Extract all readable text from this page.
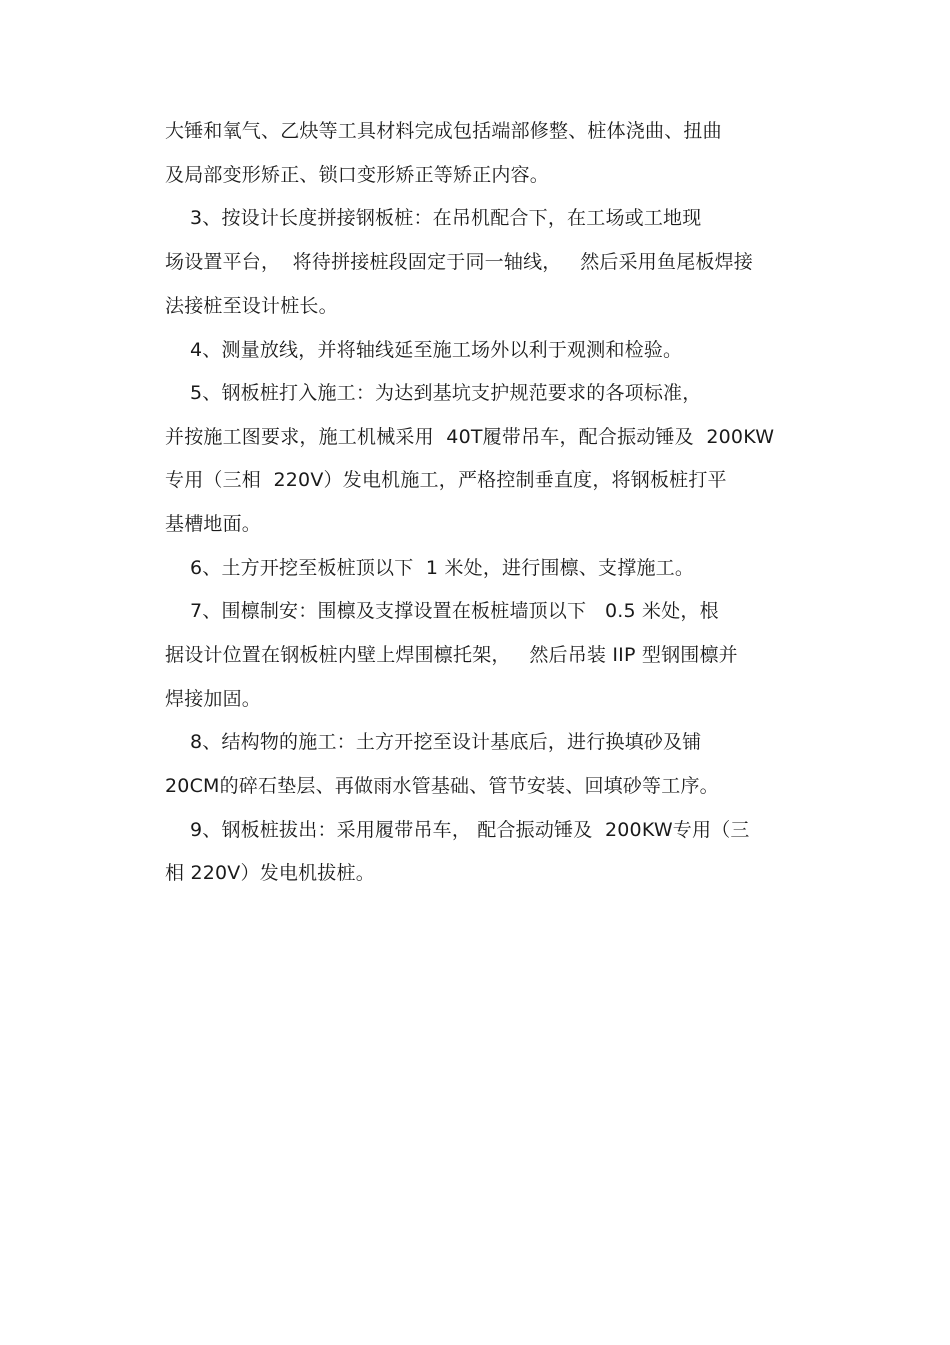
大锤和氧气、乙炔等工具材料完成包括端部修整、桩体浇曲、扭曲
及局部变形矫正、锁口变形矫正等矫正内容。
3、按设计长度拼接钢板桩：在吊机配合下，在工场或工地现
场设置平台，  将待拼接桩段固定于同一轴线，   然后采用鱼尾板焊接
法接桩至设计桩长。
4、测量放线，并将轴线延至施工场外以利于观测和检验。
5、钢板桩打入施工：为达到基坑支护规范要求的各项标准，
并按施工图要求，施工机械采用  40T履带吊车，配合振动锤及  200KW
专用（三相  220V）发电机施工，严格控制垂直度，将钢板桩打平
基槽地面。
6、土方开挖至板桩顶以下  1 米处，进行围檩、支撑施工。
7、围檩制安：围檩及支撑设置在板桩墙顶以下   0.5 米处，根
据设计位置在钢板桩内壁上焊围檩托架，   然后吊装 IIP 型钢围檩并
焊接加固。
8、结构物的施工：土方开挖至设计基底后，进行换填砂及铺
20CM的碎石垫层、再做雨水管基础、管节安装、回填砂等工序。
9、钢板桩拔出：采用履带吊车， 配合振动锤及  200KW专用（三
相 220V）发电机拔桩。
